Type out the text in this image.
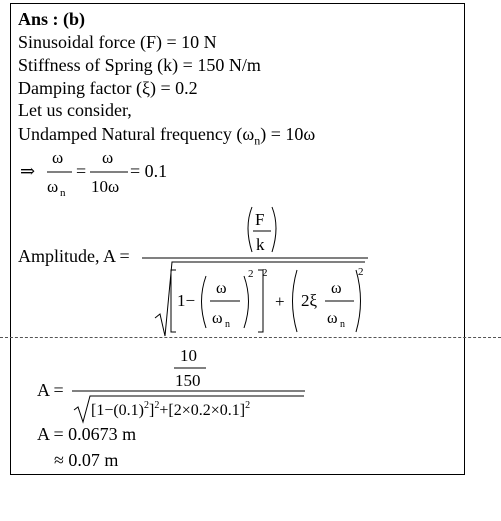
Ans : (b)
Sinusoidal force (F) = 10 N
Stiffness of Spring (k) = 150 N/m
Damping factor (ξ) = 0.2
Let us consider,
Undamped Natural frequency $(\omega_n) = 10\omega$
⇒
ω
ω n
=
ω
10ω
= 0.1
Amplitude, A =
F
k
2
1−
ω
ω n
2
+ 2ξ
ω
ω n
2
10
150
A =
$[1-(0.1)^2]^2+[2\times 0.2\times 0.1]^2$
A = 0.0673 m
≈ 0.07 m
